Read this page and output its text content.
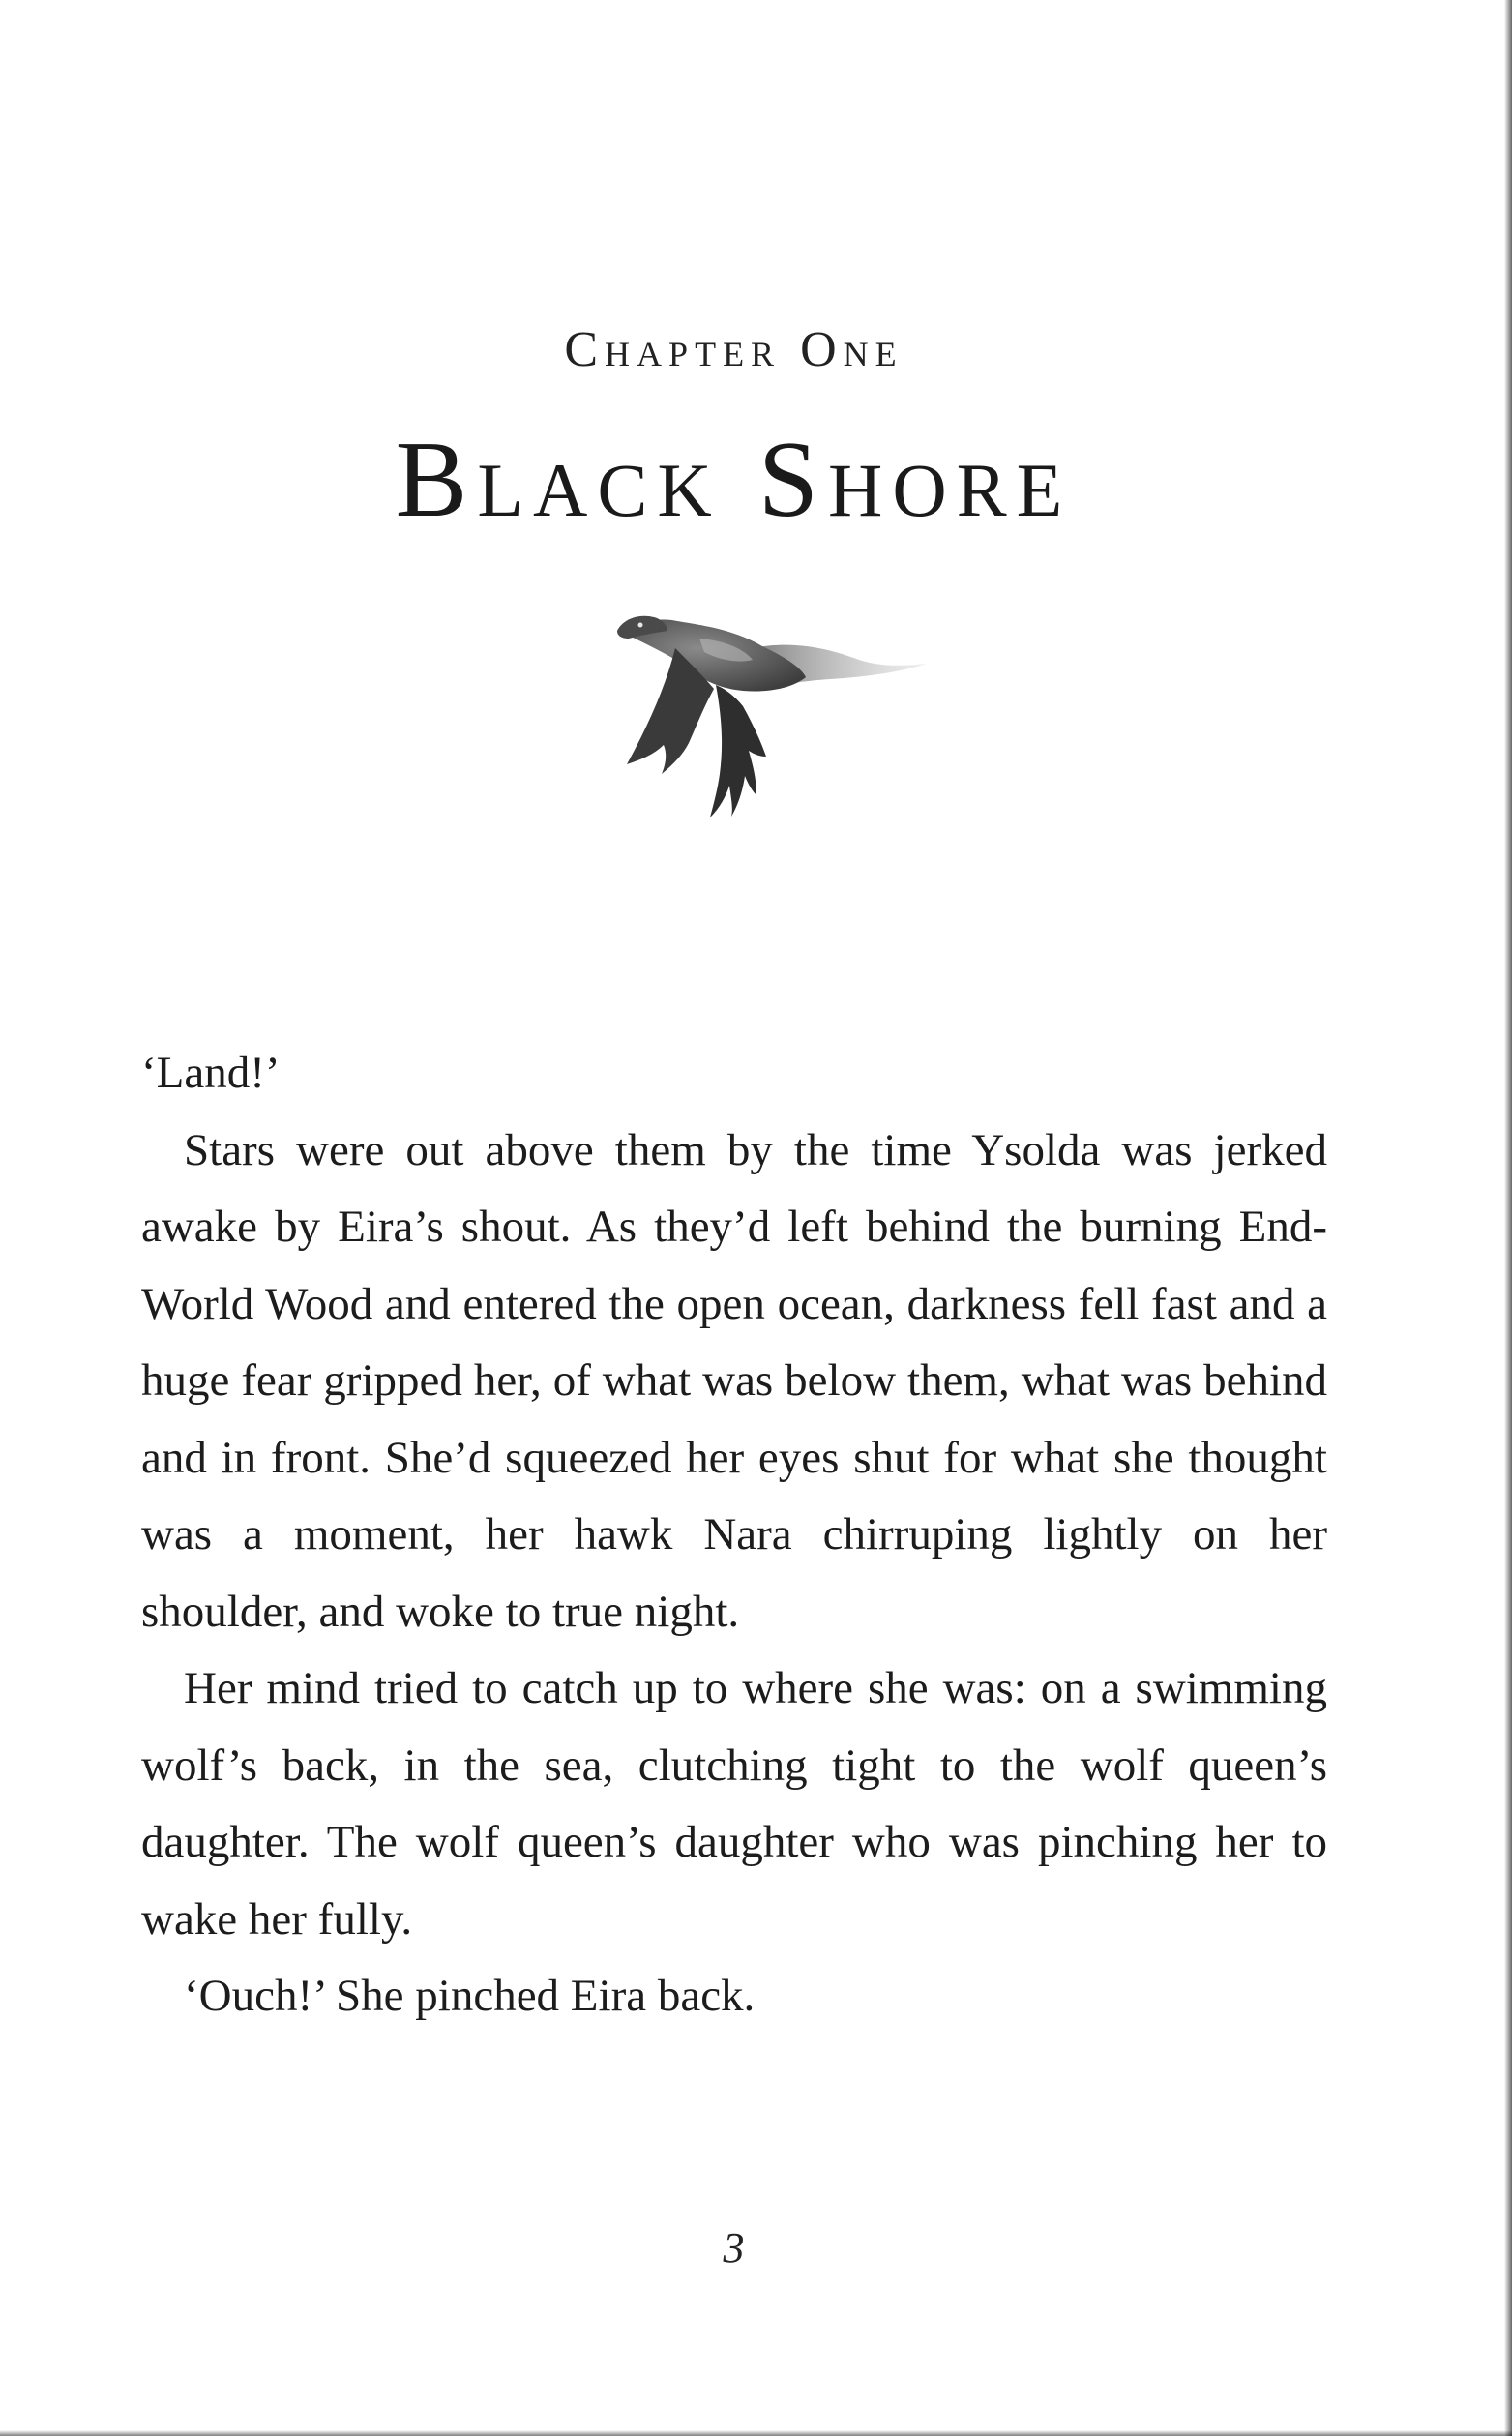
Chapter One
Black Shore

‘Land!’

Stars were out above them by the time Ysolda was jerked awake by Eira’s shout. As they’d left behind the burning End-World Wood and entered the open ocean, darkness fell fast and a huge fear gripped her, of what was below them, what was behind and in front. She’d squeezed her eyes shut for what she thought was a moment, her hawk Nara chirruping lightly on her shoulder, and woke to true night.

Her mind tried to catch up to where she was: on a swimming wolf’s back, in the sea, clutching tight to the wolf queen’s daughter. The wolf queen’s daughter who was pinching her to wake her fully.

‘Ouch!’ She pinched Eira back.

3
